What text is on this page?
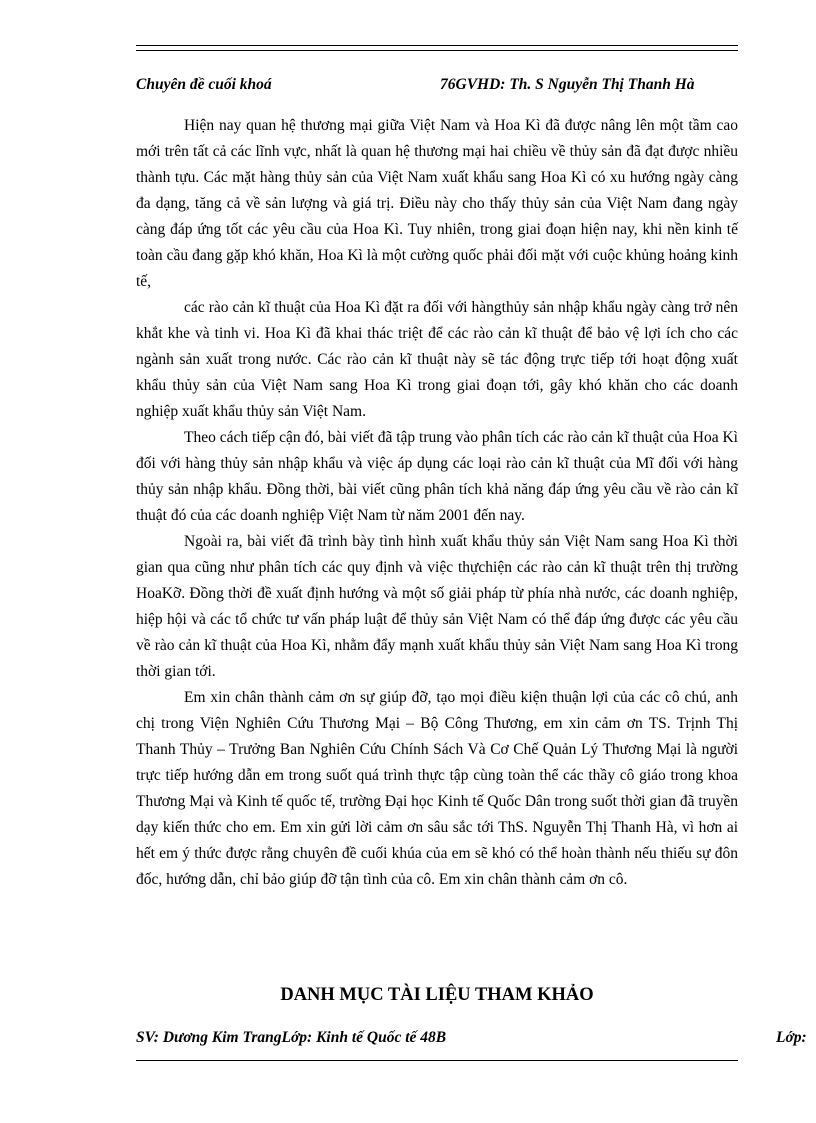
Chuyên đề cuối khoá	76GVHD: Th. S Nguyễn Thị Thanh Hà

Hiện nay quan hệ thương mại giữa Việt Nam và Hoa Kì đã được nâng lên một tầm cao mới trên tất cả các lĩnh vực, nhất là quan hệ thương mại hai chiều về thủy sản đã đạt được nhiều thành tựu. Các mặt hàng thủy sản của Việt Nam xuất khẩu sang Hoa Kì có xu hướng ngày càng đa dạng, tăng cả về sản lượng và giá trị. Điều này cho thấy thủy sản của Việt Nam đang ngày càng đáp ứng tốt các yêu cầu của Hoa Kì. Tuy nhiên, trong giai đoạn hiện nay, khi nền kinh tế toàn cầu đang gặp khó khăn, Hoa Kì là một cường quốc phải đối mặt với cuộc khủng hoảng kinh tế,

các rào cản kĩ thuật của Hoa Kì đặt ra đối với hàngthủy sản nhập khẩu ngày càng trở nên khắt khe và tinh vi. Hoa Kì đã khai thác triệt để các rào cản kĩ thuật để bảo vệ lợi ích cho các ngành sản xuất trong nước. Các rào cản kĩ thuật này sẽ tác động trực tiếp tới hoạt động xuất khẩu thủy sản của Việt Nam sang Hoa Kì trong giai đoạn tới, gây khó khăn cho các doanh nghiệp xuất khẩu thủy sản Việt Nam.

Theo cách tiếp cận đó, bài viết đã tập trung vào phân tích các rào cản kĩ thuật của Hoa Kì đối với hàng thủy sản nhập khẩu và việc áp dụng các loại rào cản kĩ thuật của Mĩ đối với hàng thủy sản nhập khẩu. Đồng thời, bài viết cũng phân tích khả năng đáp ứng yêu cầu về rào cản kĩ thuật đó của các doanh nghiệp Việt Nam từ năm 2001 đến nay.

Ngoài ra, bài viết đã trình bày tình hình xuất khẩu thủy sản Việt Nam sang Hoa Kì thời gian qua cũng như phân tích các quy định và việc thựchiện các rào cản kĩ thuật trên thị trường HoaKỡ. Đồng thời đề xuất định hướng và một số giải pháp từ phía nhà nước, các doanh nghiệp, hiệp hội và các tổ chức tư vấn pháp luật để thủy sản Việt Nam có thể đáp ứng được các yêu cầu về rào cản kĩ thuật của Hoa Kì, nhằm đẩy mạnh xuất khẩu thủy sản Việt Nam sang Hoa Kì trong thời gian tới.

Em xin chân thành cảm ơn sự giúp đỡ, tạo mọi điều kiện thuận lợi của các cô chú, anh chị trong Viện Nghiên Cứu Thương Mại – Bộ Công Thương, em xin cảm ơn TS. Trịnh Thị Thanh Thủy – Trưởng Ban Nghiên Cứu Chính Sách Và Cơ Chế Quản Lý Thương Mại là người trực tiếp hướng dẫn em trong suốt quá trình thực tập cùng toàn thể các thầy cô giáo trong khoa Thương Mại và Kinh tế quốc tế, trường Đại học Kinh tế Quốc Dân trong suốt thời gian đã truyền dạy kiến thức cho em. Em xin gửi lời cảm ơn sâu sắc tới ThS. Nguyễn Thị Thanh Hà, vì hơn ai hết em ý thức được rằng chuyên đề cuối khúa của em sẽ khó có thể hoàn thành nếu thiếu sự đôn đốc, hướng dẫn, chỉ bảo giúp đỡ tận tình của cô. Em xin chân thành cảm ơn cô.

DANH MỤC TÀI LIỆU THAM KHẢO
SV: Dương Kim TrangLớp: Kinh tế Quốc tế 48B	Lớp:
